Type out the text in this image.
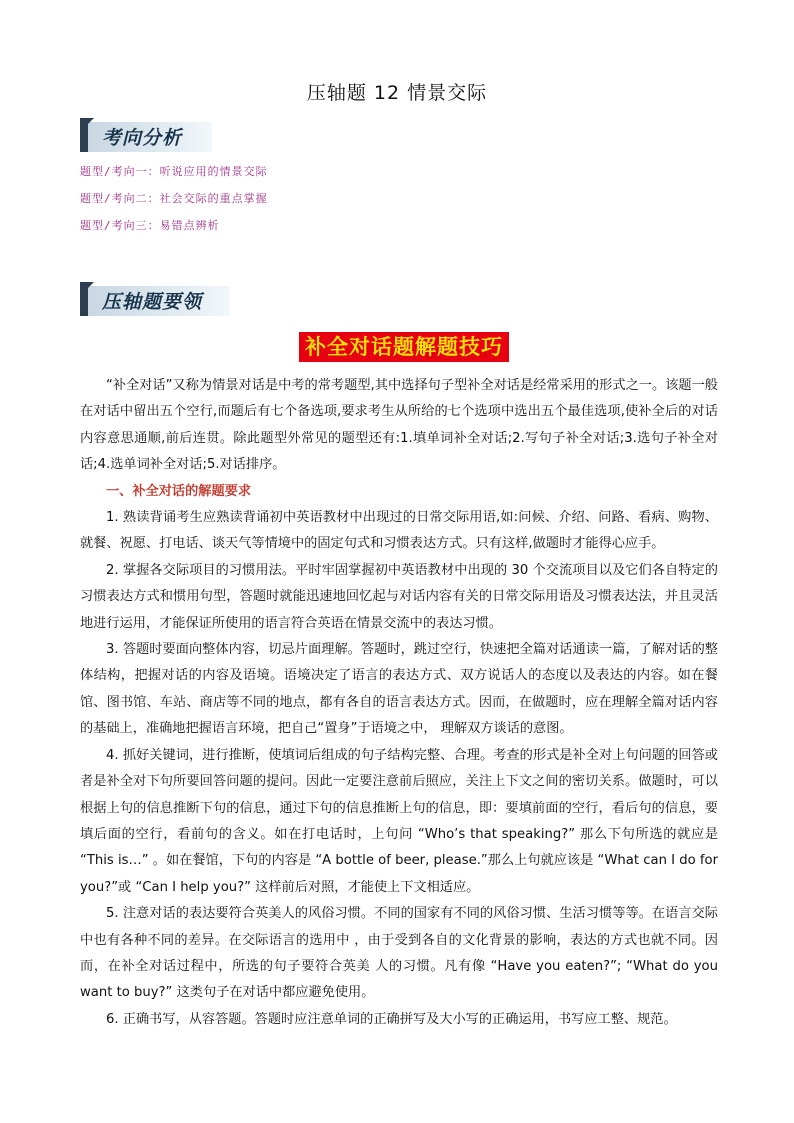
压轴题 12 情景交际
考向分析
题型/考向一：听说应用的情景交际
题型/考向二：社会交际的重点掌握
题型/考向三：易错点辨析
压轴题要领
补全对话题解题技巧

“补全对话”又称为情景对话是中考的常考题型,其中选择句子型补全对话是经常采用的形式之一。该题一般在对话中留出五个空行,而题后有七个备选项,要求考生从所给的七个选项中选出五个最佳选项,使补全后的对话内容意思通顺,前后连贯。除此题型外常见的题型还有:1.填单词补全对话;2.写句子补全对话;3.选句子补全对话;4.选单词补全对话;5.对话排序。

一、补全对话的解题要求

1. 熟读背诵考生应熟读背诵初中英语教材中出现过的日常交际用语,如:问候、介绍、问路、看病、购物、就餐、祝愿、打电话、谈天气等情境中的固定句式和习惯表达方式。只有这样,做题时才能得心应手。

2. 掌握各交际项目的习惯用法。平时牢固掌握初中英语教材中出现的 30 个交流项目以及它们各自特定的习惯表达方式和惯用句型，答题时就能迅速地回忆起与对话内容有关的日常交际用语及习惯表达法，并且灵活地进行运用，才能保证所使用的语言符合英语在情景交流中的表达习惯。

3. 答题时要面向整体内容，切忌片面理解。答题时，跳过空行，快速把全篇对话通读一篇，了解对话的整体结构，把握对话的内容及语境。语境决定了语言的表达方式、双方说话人的态度以及表达的内容。如在餐馆、图书馆、车站、商店等不同的地点，都有各自的语言表达方式。因而，在做题时，应在理解全篇对话内容的基础上，准确地把握语言环境，把自己“置身”于语境之中， 理解双方谈话的意图。

4. 抓好关键词，进行推断，使填词后组成的句子结构完整、合理。考查的形式是补全对上句问题的回答或者是补全对下句所要回答问题的提问。因此一定要注意前后照应，关注上下文之间的密切关系。做题时，可以根据上句的信息推断下句的信息，通过下句的信息推断上句的信息，即：要填前面的空行，看后句的信息，要填后面的空行，看前句的含义。如在打电话时，上句问 “Who’s that speaking?” 那么下句所选的就应是 “This is…” 。如在餐馆，下句的内容是 “A bottle of beer, please.”那么上句就应该是 “What can I do for you?”或 “Can I help you?” 这样前后对照，才能使上下文相适应。

5. 注意对话的表达要符合英美人的风俗习惯。不同的国家有不同的风俗习惯、生活习惯等等。在语言交际中也有各种不同的差异。在交际语言的选用中 ，由于受到各自的文化背景的影响，表达的方式也就不同。因而，在补全对话过程中，所选的句子要符合英美 人的习惯。凡有像 “Have you eaten?”; “What do you want to buy?” 这类句子在对话中都应避免使用。

6. 正确书写，从容答题。答题时应注意单词的正确拼写及大小写的正确运用，书写应工整、规范。
